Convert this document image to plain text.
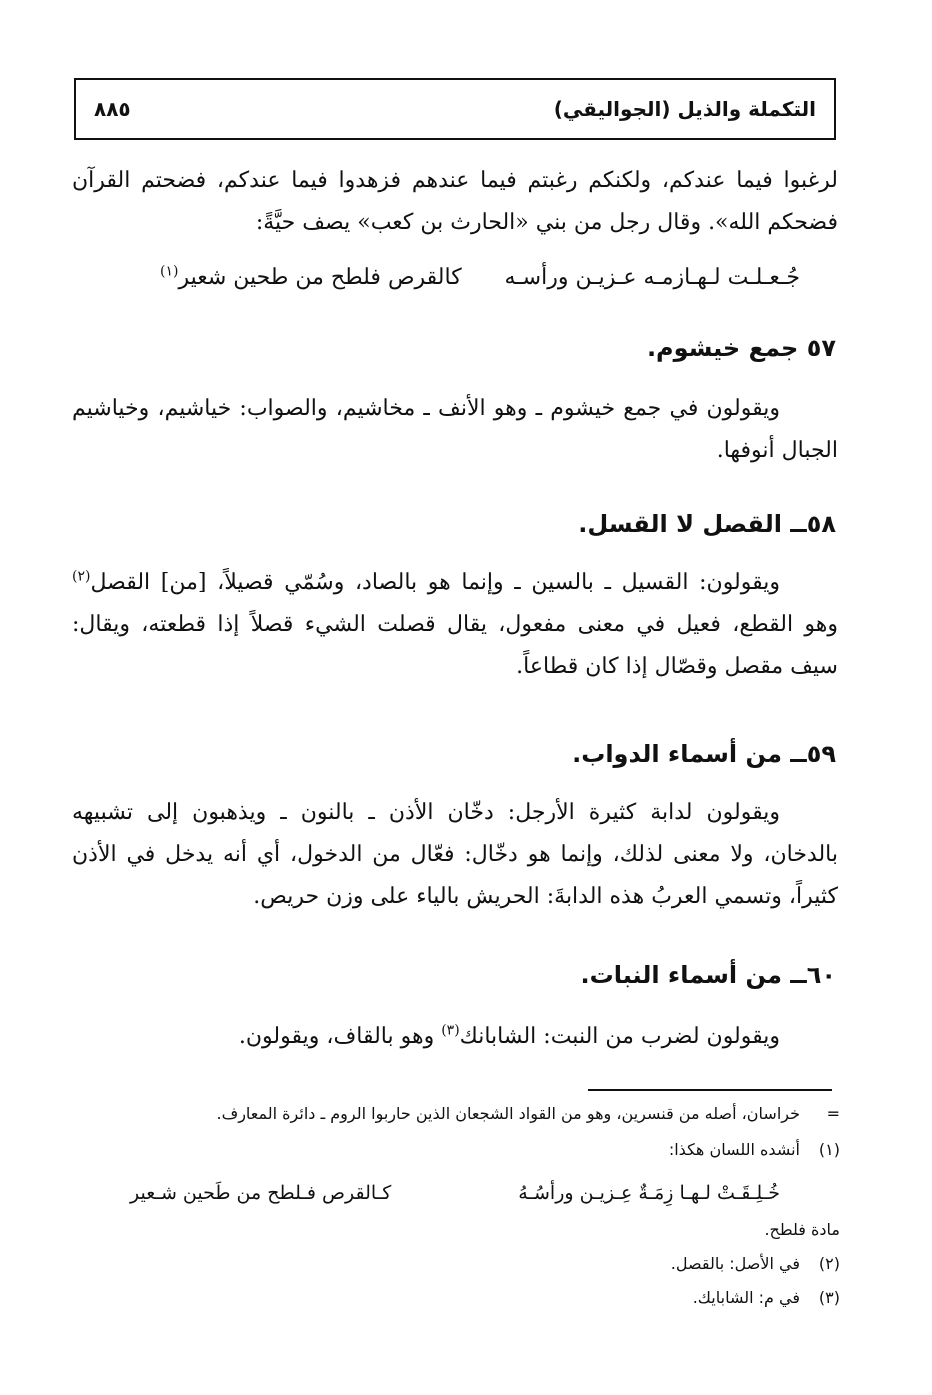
٨٨٥	التكملة والذيل (الجواليقي)

لرغبوا فيما عندكم، ولكنكم رغبتم فيما عندهم فزهدوا فيما عندكم، فضحتم القرآن فضحكم الله». وقال رجل من بني «الحارث بن كعب» يصف حيَّةً:

جُـعـلـت لـهـازمـه عـزيـن ورأسـه
كالقرص فلطح من طحين شعير$^{(١)}$
٥٧ جمع خيشوم.

ويقولون في جمع خيشوم ـ وهو الأنف ـ مخاشيم، والصواب: خياشيم، وخياشيم الجبال أنوفها.

٥٨ــ القصل لا القسل.

ويقولون: القسيل ـ بالسين ـ وإنما هو بالصاد، وسُمّي قصيلاً، [من] القصل$^{(٢)}$ وهو القطع، فعيل في معنى مفعول، يقال قصلت الشيء قصلاً إذا قطعته، ويقال: سيف مقصل وقصّال إذا كان قطاعاً.

٥٩ــ من أسماء الدواب.

ويقولون لدابة كثيرة الأرجل: دخّان الأذن ـ بالنون ـ ويذهبون إلى تشبيهه بالدخان، ولا معنى لذلك، وإنما هو دخّال: فعّال من الدخول، أي أنه يدخل في الأذن كثيراً، وتسمي العربُ هذه الدابةَ: الحريش بالياء على وزن حريص.

٦٠ــ من أسماء النبات.

ويقولون لضرب من النبت: الشابانك$^{(٣)}$ وهو بالقاف، ويقولون.

=خراسان، أصله من قنسرين، وهو من القواد الشجعان الذين حاربوا الروم ـ دائرة المعارف.
(١)أنشده اللسان هكذا:
خُـلِـقَـتْ لـهـا زِمَـةٌ عِـزيـن ورأسُـهُ
كـالقرص فـلطح من طَحين شـعير
مادة فلطح.
(٢)في الأصل: بالقصل.
(٣)في م: الشابايك.
